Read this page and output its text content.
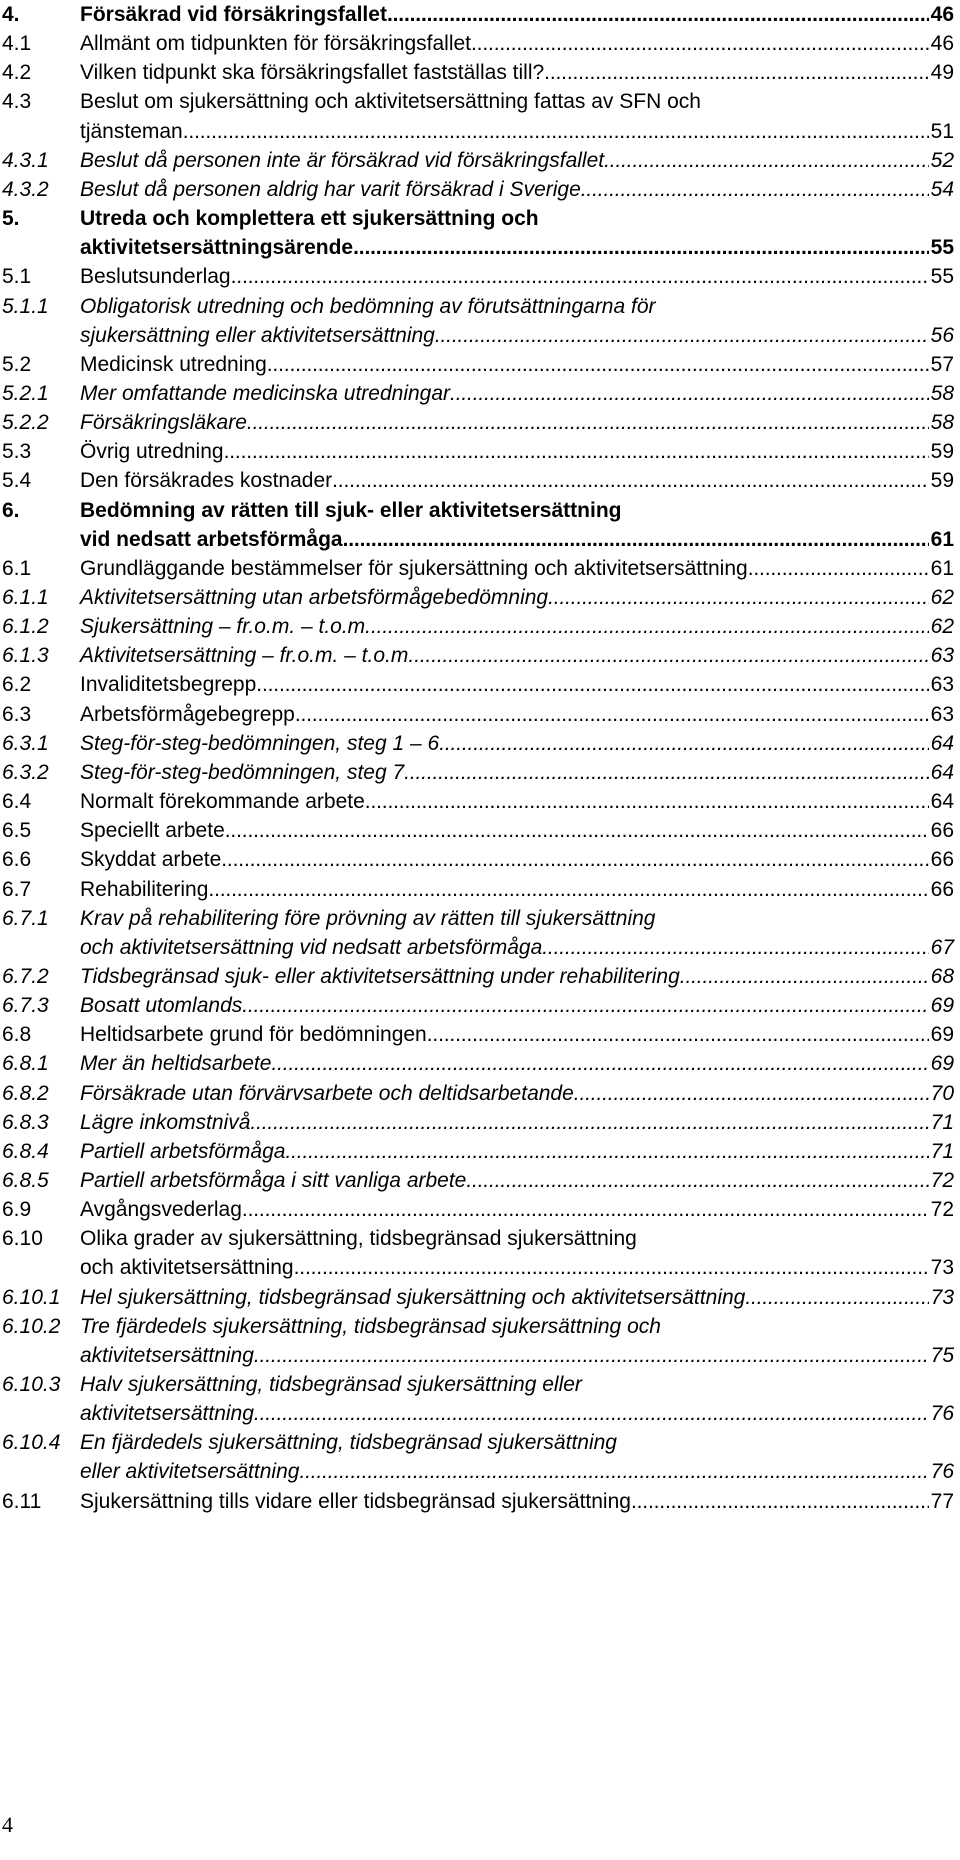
4.	Försäkrad vid försäkringsfallet . . .	46
4.1 Allmänt om tidpunkten för försäkringsfallet . . .	46
4.2 Vilken tidpunkt ska försäkringsfallet fastställas till? . . .	49
4.3 Beslut om sjukersättning och aktivitetsersättning fattas av SFN och
tjänsteman . . .	51
4.3.1 Beslut då personen inte är försäkrad vid försäkringsfallet . . .	52
4.3.2 Beslut då personen aldrig har varit försäkrad i Sverige . . .	54
5.	Utreda och komplettera ett sjukersättning och
aktivitetsersättningsärende . . .	55
5.1 Beslutsunderlag . . .	55
5.1.1 Obligatorisk utredning och bedömning av förutsättningarna för
sjukersättning eller aktivitetsersättning . . .	56
5.2 Medicinsk utredning . . .	57
5.2.1 Mer omfattande medicinska utredningar . . .	58
5.2.2 Försäkringsläkare . . .	58
5.3 Övrig utredning . . .	59
5.4 Den försäkrades kostnader . . .	59
6.	Bedömning av rätten till sjuk- eller aktivitetsersättning
vid nedsatt arbetsförmåga . . .	61
6.1 Grundläggande bestämmelser för sjukersättning och aktivitetsersättning . . .	61
6.1.1 Aktivitetsersättning utan arbetsförmågebedömning . . .	62
6.1.2 Sjukersättning – fr.o.m. – t.o.m. . . .	62
6.1.3 Aktivitetsersättning – fr.o.m. – t.o.m. . . .	63
6.2 Invaliditetsbegrepp . . .	63
6.3 Arbetsförmågebegrepp . . .	63
6.3.1 Steg-för-steg-bedömningen, steg 1 – 6 . . .	64
6.3.2 Steg-för-steg-bedömningen, steg 7 . . .	64
6.4 Normalt förekommande arbete . . .	64
6.5 Speciellt arbete . . .	66
6.6 Skyddat arbete . . .	66
6.7 Rehabilitering . . .	66
6.7.1 Krav på rehabilitering före prövning av rätten till sjukersättning
och aktivitetsersättning vid nedsatt arbetsförmåga . . .	67
6.7.2 Tidsbegränsad sjuk- eller aktivitetsersättning under rehabilitering . . .	68
6.7.3 Bosatt utomlands . . .	69
6.8 Heltidsarbete grund för bedömningen . . .	69
6.8.1 Mer än heltidsarbete . . .	69
6.8.2 Försäkrade utan förvärvsarbete och deltidsarbetande . . .	70
6.8.3 Lägre inkomstnivå . . .	71
6.8.4 Partiell arbetsförmåga . . .	71
6.8.5 Partiell arbetsförmåga i sitt vanliga arbete . . .	72
6.9 Avgångsvederlag . . .	72
6.10 Olika grader av sjukersättning, tidsbegränsad sjukersättning
och aktivitetsersättning . . .	73
6.10.1 Hel sjukersättning, tidsbegränsad sjukersättning och aktivitetsersättning . . .	73
6.10.2 Tre fjärdedels sjukersättning, tidsbegränsad sjukersättning och
aktivitetsersättning . . .	75
6.10.3 Halv sjukersättning, tidsbegränsad sjukersättning eller
aktivitetsersättning . . .	76
6.10.4 En fjärdedels sjukersättning, tidsbegränsad sjukersättning
eller aktivitetsersättning . . .	76
6.11 Sjukersättning tills vidare eller tidsbegränsad sjukersättning . . .	77
4
